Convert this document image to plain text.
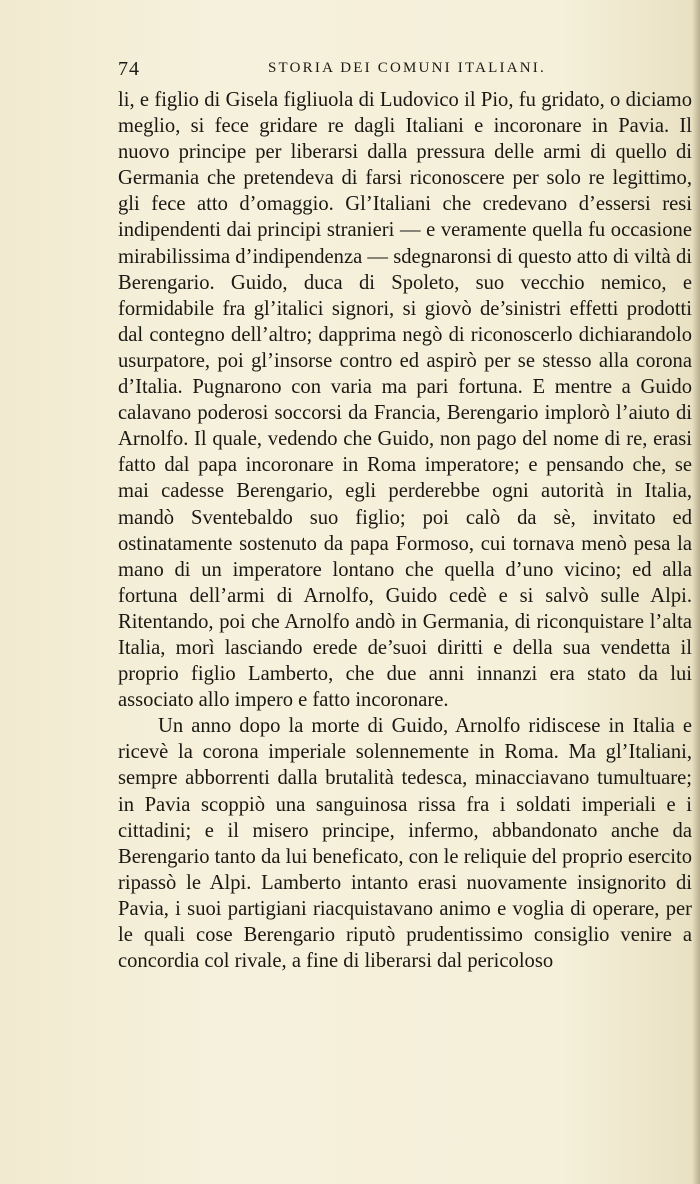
74	STORIA DEI COMUNI ITALIANI.

li, e figlio di Gisela figliuola di Ludovico il Pio, fu gridato, o diciamo meglio, si fece gridare re dagli Italiani e incoronare in Pavia. Il nuovo principe per liberarsi dalla pressura delle armi di quello di Germania che pretendeva di farsi riconoscere per solo re legittimo, gli fece atto d’omaggio. Gl’Italiani che credevano d’essersi resi indipendenti dai principi stranieri — e veramente quella fu occasione mirabilissima d’indipendenza — sdegnaronsi di questo atto di viltà di Berengario. Guido, duca di Spoleto, suo vecchio nemico, e formidabile fra gl’italici signori, si giovò de’sinistri effetti prodotti dal contegno dell’altro; dapprima negò di riconoscerlo dichiarandolo usurpatore, poi gl’insorse contro ed aspirò per se stesso alla corona d’Italia. Pugnarono con varia ma pari fortuna. E mentre a Guido calavano poderosi soccorsi da Francia, Berengario implorò l’aiuto di Arnolfo. Il quale, vedendo che Guido, non pago del nome di re, erasi fatto dal papa incoronare in Roma imperatore; e pensando che, se mai cadesse Berengario, egli perderebbe ogni autorità in Italia, mandò Sventebaldo suo figlio; poi calò da sè, invitato ed ostinatamente sostenuto da papa Formoso, cui tornava menò pesa la mano di un imperatore lontano che quella d’uno vicino; ed alla fortuna dell’armi di Arnolfo, Guido cedè e si salvò sulle Alpi. Ritentando, poi che Arnolfo andò in Germania, di riconquistare l’alta Italia, morì lasciando erede de’suoi diritti e della sua vendetta il proprio figlio Lamberto, che due anni innanzi era stato da lui associato allo impero e fatto incoronare.

Un anno dopo la morte di Guido, Arnolfo ridiscese in Italia e ricevè la corona imperiale solennemente in Roma. Ma gl’Italiani, sempre abborrenti dalla brutalità tedesca, minacciavano tumultuare; in Pavia scoppiò una sanguinosa rissa fra i soldati imperiali e i cittadini; e il misero principe, infermo, abbandonato anche da Berengario tanto da lui beneficato, con le reliquie del proprio esercito ripassò le Alpi. Lamberto intanto erasi nuovamente insignorito di Pavia, i suoi partigiani riacquistavano animo e voglia di operare, per le quali cose Berengario riputò prudentissimo consiglio venire a concordia col rivale, a fine di liberarsi dal pericoloso
